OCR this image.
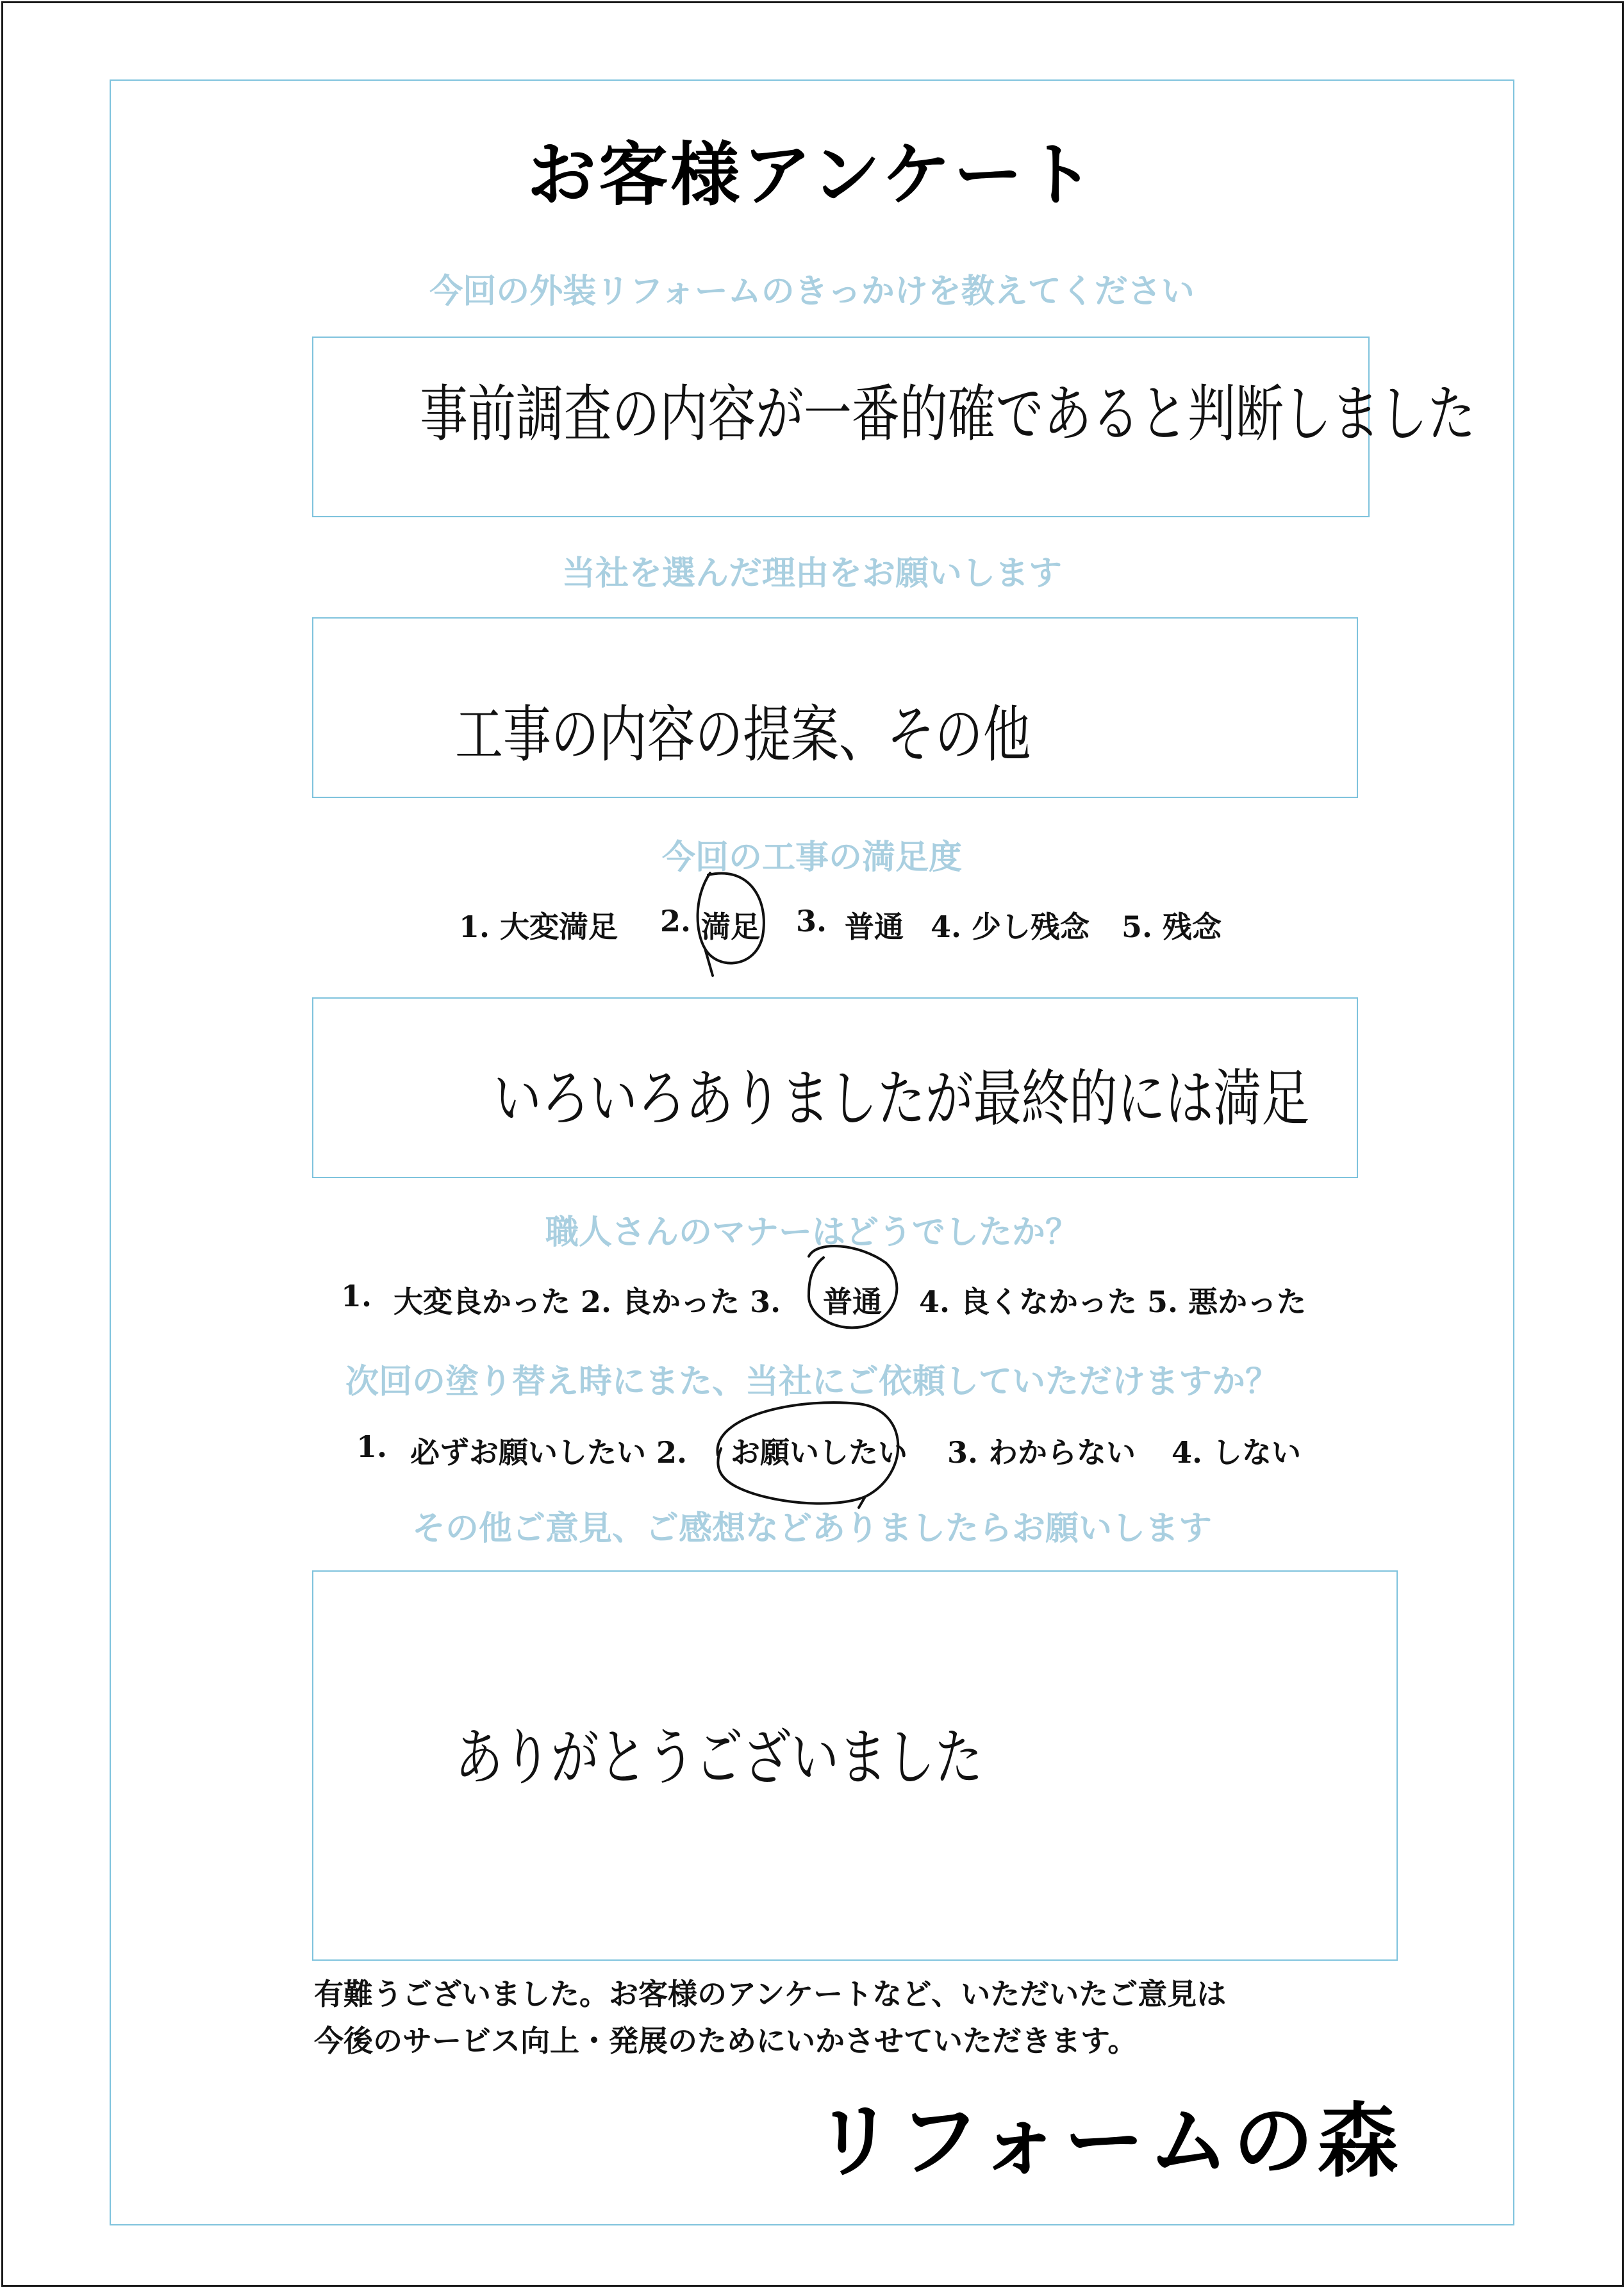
お客様アンケート
今回の外装リフォームのきっかけを教えてください
事前調査の内容が一番的確であると判断しました
当社を選んだ理由をお願いします
工事の内容の提案、その他
今回の工事の満足度
1. 大変満足 2. 満足 3. 普通 4. 少し残念 5. 残念
いろいろありましたが最終的には満足
職人さんのマナーはどうでしたか？
1. 大変良かった 2. 良かった 3. 普通 4. 良くなかった 5. 悪かった
次回の塗り替え時にまた、当社にご依頼していただけますか？
1. 必ずお願いしたい 2. お願いしたい 3. わからない 4. しない
その他ご意見、ご感想などありましたらお願いします
ありがとうございました
有難うございました。お客様のアンケートなど、いただいたご意見は
今後のサービス向上・発展のためにいかさせていただきます。
リフォームの森
